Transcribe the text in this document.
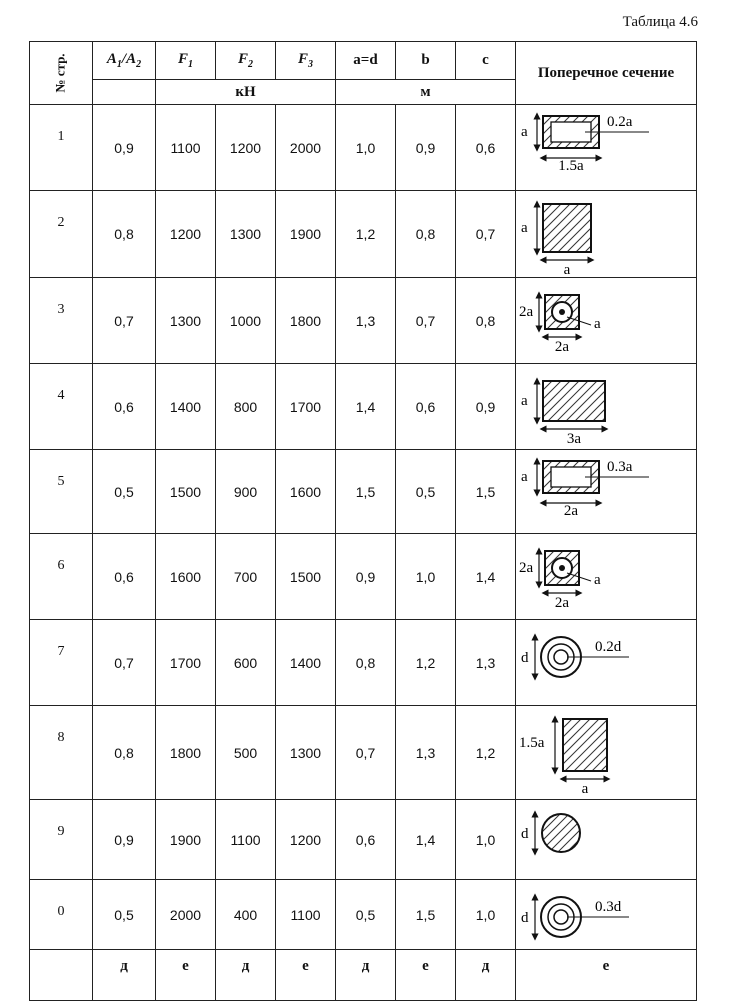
Таблица 4.6
№ стр.	$A_1/A_2$	$F_1$	$F_2$	$F_3$	a=d	b	c	Поперечное сечение
		кН			м			
1	0,9	1100	1200	2000	1,0	0,9	0,6	a
1.5a
0.2a

2	0,8	1200	1300	1900	1,2	0,8	0,7	a
a

3	0,7	1300	1000	1800	1,3	0,7	0,8	2a
2a
a

4	0,6	1400	800	1700	1,4	0,6	0,9	a
3a

5	0,5	1500	900	1600	1,5	0,5	1,5	a
2a
0.3a

6	0,6	1600	700	1500	0,9	1,0	1,4	2a
2a
a

7	0,7	1700	600	1400	0,8	1,2	1,3	d
0.2d

8	0,8	1800	500	1300	0,7	1,3	1,2	1.5a
a

9	0,9	1900	1100	1200	0,6	1,4	1,0	d

0	0,5	2000	400	1100	0,5	1,5	1,0	d
0.3d

	д	е	д	е	д	е	д	е
